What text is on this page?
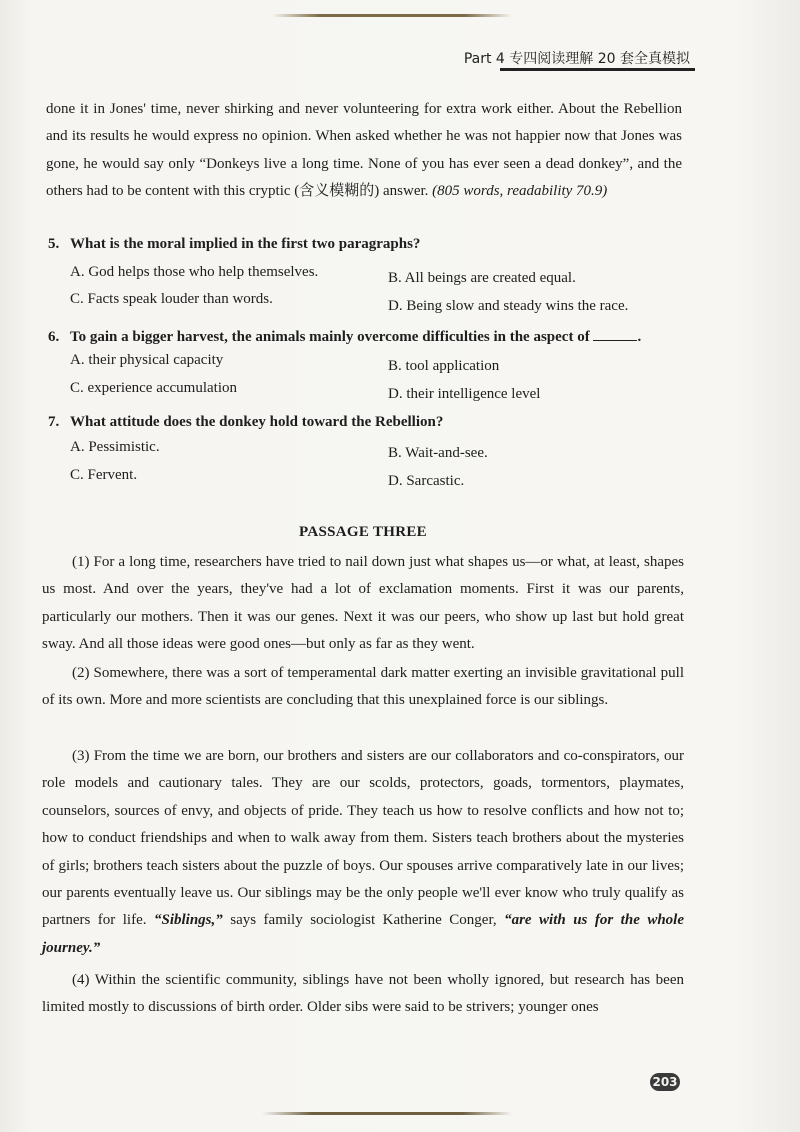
Part 4 专四阅读理解 20 套全真模拟
done it in Jones' time, never shirking and never volunteering for extra work either. About the Rebellion and its results he would express no opinion. When asked whether he was not happier now that Jones was gone, he would say only “Donkeys live a long time. None of you has ever seen a dead donkey”, and the others had to be content with this cryptic (含义模糊的) answer. (805 words, readability 70.9)
5. What is the moral implied in the first two paragraphs?
A. God helps those who help themselves.	B. All beings are created equal.
C. Facts speak louder than words.	D. Being slow and steady wins the race.
6. To gain a bigger harvest, the animals mainly overcome difficulties in the aspect of	.
A. their physical capacity	B. tool application
C. experience accumulation	D. their intelligence level
7. What attitude does the donkey hold toward the Rebellion?
A. Pessimistic.	B. Wait-and-see.
C. Fervent.	D. Sarcastic.
PASSAGE THREE
(1) For a long time, researchers have tried to nail down just what shapes us—or what, at least, shapes us most. And over the years, they've had a lot of exclamation moments. First it was our parents, particularly our mothers. Then it was our genes. Next it was our peers, who show up last but hold great sway. And all those ideas were good ones—but only as far as they went.
(2) Somewhere, there was a sort of temperamental dark matter exerting an invisible gravitational pull of its own. More and more scientists are concluding that this unexplained force is our siblings.
(3) From the time we are born, our brothers and sisters are our collaborators and co-conspirators, our role models and cautionary tales. They are our scolds, protectors, goads, tormentors, playmates, counselors, sources of envy, and objects of pride. They teach us how to resolve conflicts and how not to; how to conduct friendships and when to walk away from them. Sisters teach brothers about the mysteries of girls; brothers teach sisters about the puzzle of boys. Our spouses arrive comparatively late in our lives; our parents eventually leave us. Our siblings may be the only people we'll ever know who truly qualify as partners for life. “Siblings,” says family sociologist Katherine Conger, “are with us for the whole journey.”
(4) Within the scientific community, siblings have not been wholly ignored, but research has been limited mostly to discussions of birth order. Older sibs were said to be strivers; younger ones
203
